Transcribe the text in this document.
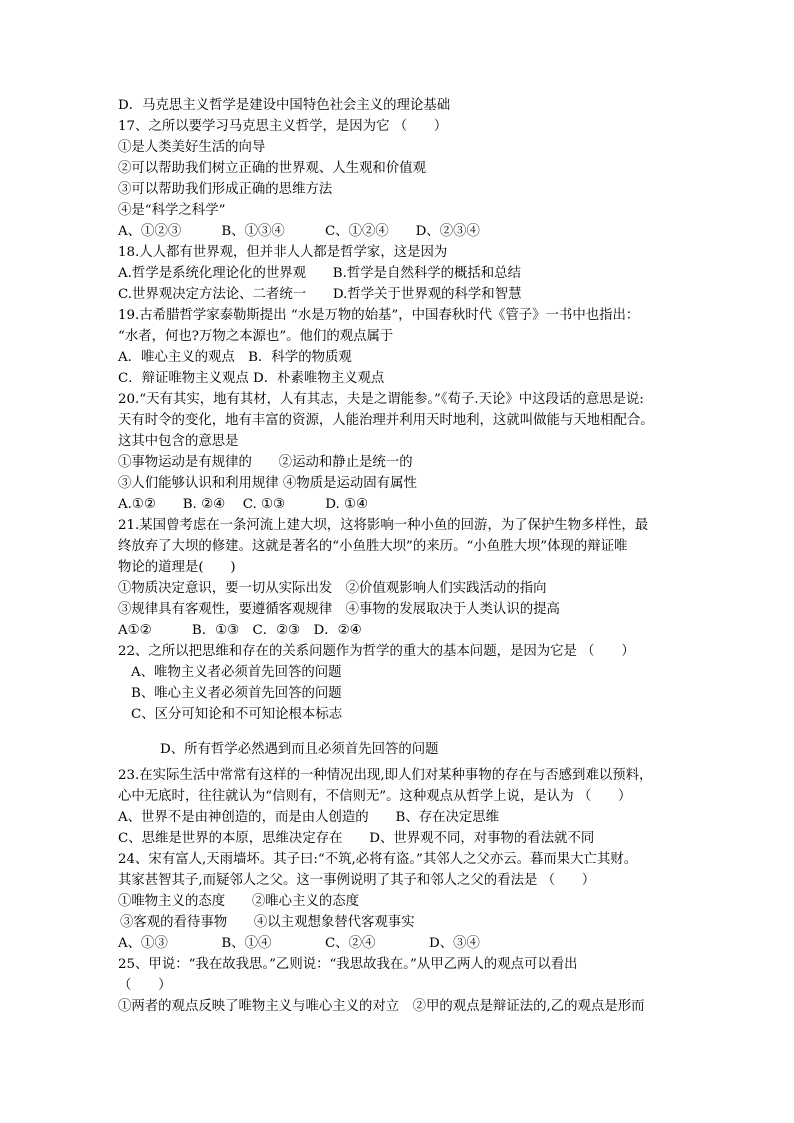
D．马克思主义哲学是建设中国特色社会主义的理论基础
17、之所以要学习马克思主义哲学，是因为它 （　　）
①是人类美好生活的向导
②可以帮助我们树立正确的世界观、人生观和价值观
③可以帮助我们形成正确的思维方法
④是“科学之科学”
A、①②③　　　B、①③④　　　C、①②④　　D、②③④
18.人人都有世界观，但并非人人都是哲学家，这是因为
A.哲学是系统化理论化的世界观　　B.哲学是自然科学的概括和总结
C.世界观决定方法论、二者统一　　D.哲学关于世界观的科学和智慧
19.古希腊哲学家泰勒斯提出 “水是万物的始基”，中国春秋时代《管子》一书中也指出：
“水者，何也?万物之本源也”。他们的观点属于
A．唯心主义的观点　B．科学的物质观
C．辩证唯物主义观点 D．朴素唯物主义观点
20.“天有其实，地有其材，人有其志，夫是之谓能参。”《荀子.天论》中这段话的意思是说:
天有时令的变化，地有丰富的资源，人能治理并利用天时地利，这就叫做能与天地相配合。
这其中包含的意思是
①事物运动是有规律的　　②运动和静止是统一的
③人们能够认识和利用规律 ④物质是运动固有属性
A.①②　　B. ②④　 C. ①③　　　D. ①④
21.某国曾考虑在一条河流上建大坝，这将影响一种小鱼的回游，为了保护生物多样性，最
终放弃了大坝的修建。这就是著名的“小鱼胜大坝”的来历。“小鱼胜大坝”体现的辩证唯
物论的道理是(　　)
①物质决定意识，要一切从实际出发　②价值观影响人们实践活动的指向
③规律具有客观性，要遵循客观规律　④事物的发展取决于人类认识的提高
A①②　　　B．①③　C．②③　D．②④
22、之所以把思维和存在的关系问题作为哲学的重大的基本问题，是因为它是 （　　）
A、唯物主义者必须首先回答的问题
B、唯心主义者必须首先回答的问题
C、区分可知论和不可知论根本标志
D、所有哲学必然遇到而且必须首先回答的问题
23.在实际生活中常常有这样的一种情况出现,即人们对某种事物的存在与否感到难以预料，
心中无底时，往往就认为“信则有，不信则无”。这种观点从哲学上说，是认为 （　　）
A、世界不是由神创造的，而是由人创造的　　B、存在决定思维
C、思维是世界的本原，思维决定存在　　D、世界观不同，对事物的看法就不同
24、宋有富人,天雨墙坏。其子曰:“不筑,必将有盗。”其邻人之父亦云。暮而果大亡其财。
其家甚智其子,而疑邻人之父。这一事例说明了其子和邻人之父的看法是 （　　）
①唯物主义的态度　　②唯心主义的态度
③客观的看待事物　　④以主观想象替代客观事实
A、①③　　　　B、①④　　　　C、②④　　　　D、③④
25、甲说：“我在故我思。”乙则说：“我思故我在。”从甲乙两人的观点可以看出
（　　）
①两者的观点反映了唯物主义与唯心主义的对立　②甲的观点是辩证法的,乙的观点是形而
